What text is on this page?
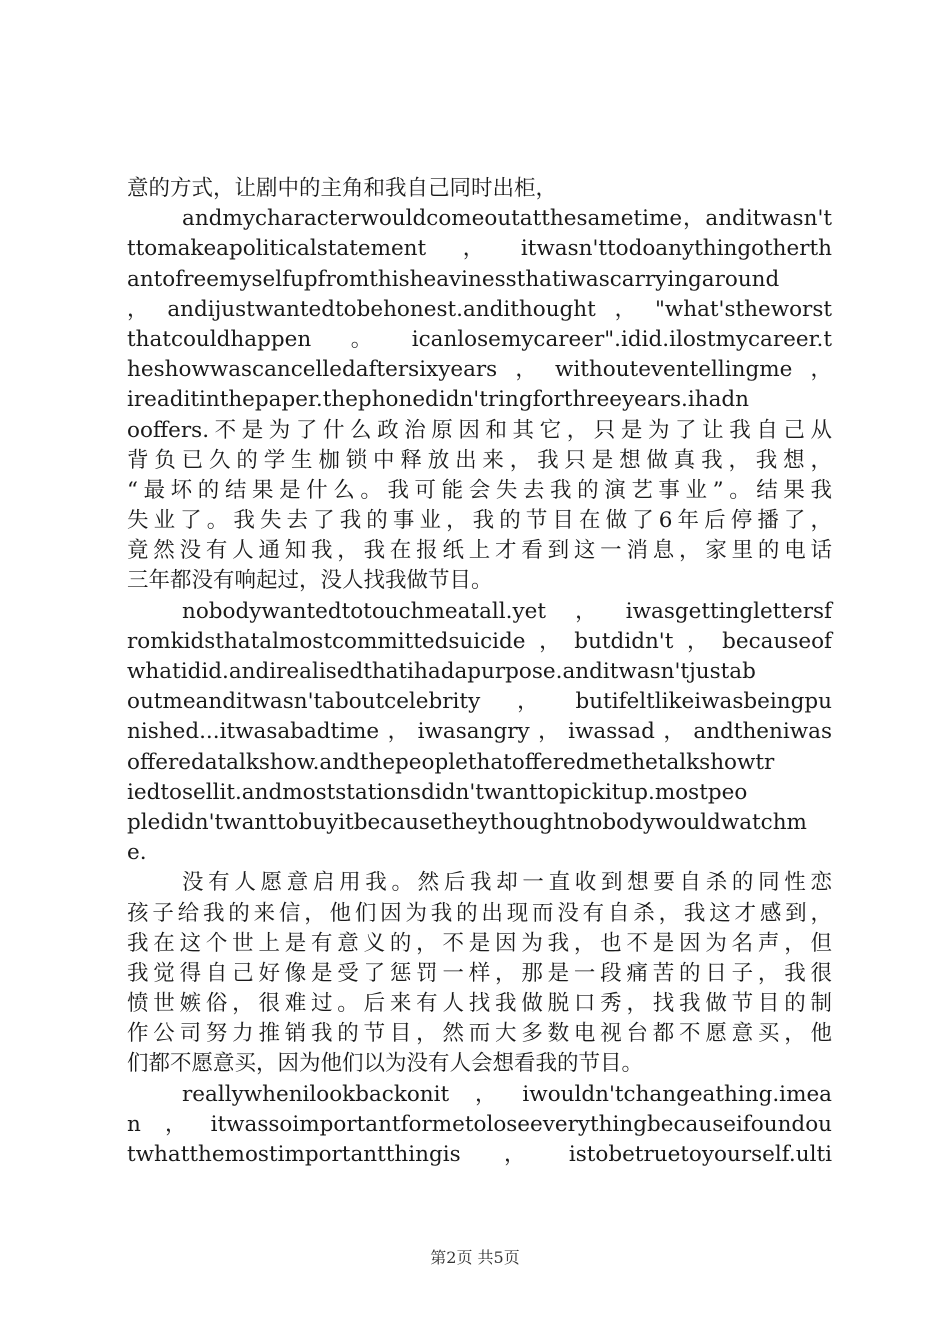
意的方式，让剧中的主角和我自己同时出柜，
andmycharacterwouldcomeoutatthesametime，anditwasn't
ttomakeapoliticalstatement，itwasn'ttodoanythingotherth
antofreemyselfupfromthisheavinessthatiwascarryingaround
，andijustwantedtobehonest.andithought，"what'stheworst
thatcouldhappen。icanlosemycareer".idid.ilostmycareer.t
heshowwascancelledaftersixyears，withouteventellingme，
ireaditinthepaper.thephonedidn'tringforthreeyears.ihadn
ooffers.不是为了什么政治原因和其它，只是为了让我自己从
背负已久的学生枷锁中释放出来，我只是想做真我，我想，
“最坏的结果是什么。我可能会失去我的演艺事业”。结果我
失业了。我失去了我的事业，我的节目在做了6年后停播了，
竟然没有人通知我，我在报纸上才看到这一消息，家里的电话
三年都没有响起过，没人找我做节目。
nobodywantedtotouchmeatall.yet，iwasgettinglettersf
romkidsthatalmostcommittedsuicide，butdidn't，becauseof
whatidid.andirealisedthatihadapurpose.anditwasn'tjustab
outmeanditwasn'taboutcelebrity，butifeltlikeiwasbeingpu
nished...itwasabadtime，iwasangry，iwassad，andtheniwas
offeredatalkshow.andthepeoplethatofferedmethetalkshowtr
iedtosellit.andmoststationsdidn'twanttopickitup.mostpeo
pledidn'twanttobuyitbecausetheythoughtnobodywouldwatchm
e.
没有人愿意启用我。然后我却一直收到想要自杀的同性恋
孩子给我的来信，他们因为我的出现而没有自杀，我这才感到，
我在这个世上是有意义的，不是因为我，也不是因为名声，但
我觉得自己好像是受了惩罚一样，那是一段痛苦的日子，我很
愤世嫉俗，很难过。后来有人找我做脱口秀，找我做节目的制
作公司努力推销我的节目，然而大多数电视台都不愿意买，他
们都不愿意买，因为他们以为没有人会想看我的节目。
reallywhenilookbackonit，iwouldn'tchangeathing.imea
n，itwassoimportantformetoloseeverythingbecauseifoundou
twhatthemostimportantthingis，istobetruetoyourself.ulti
第2页 共5页
